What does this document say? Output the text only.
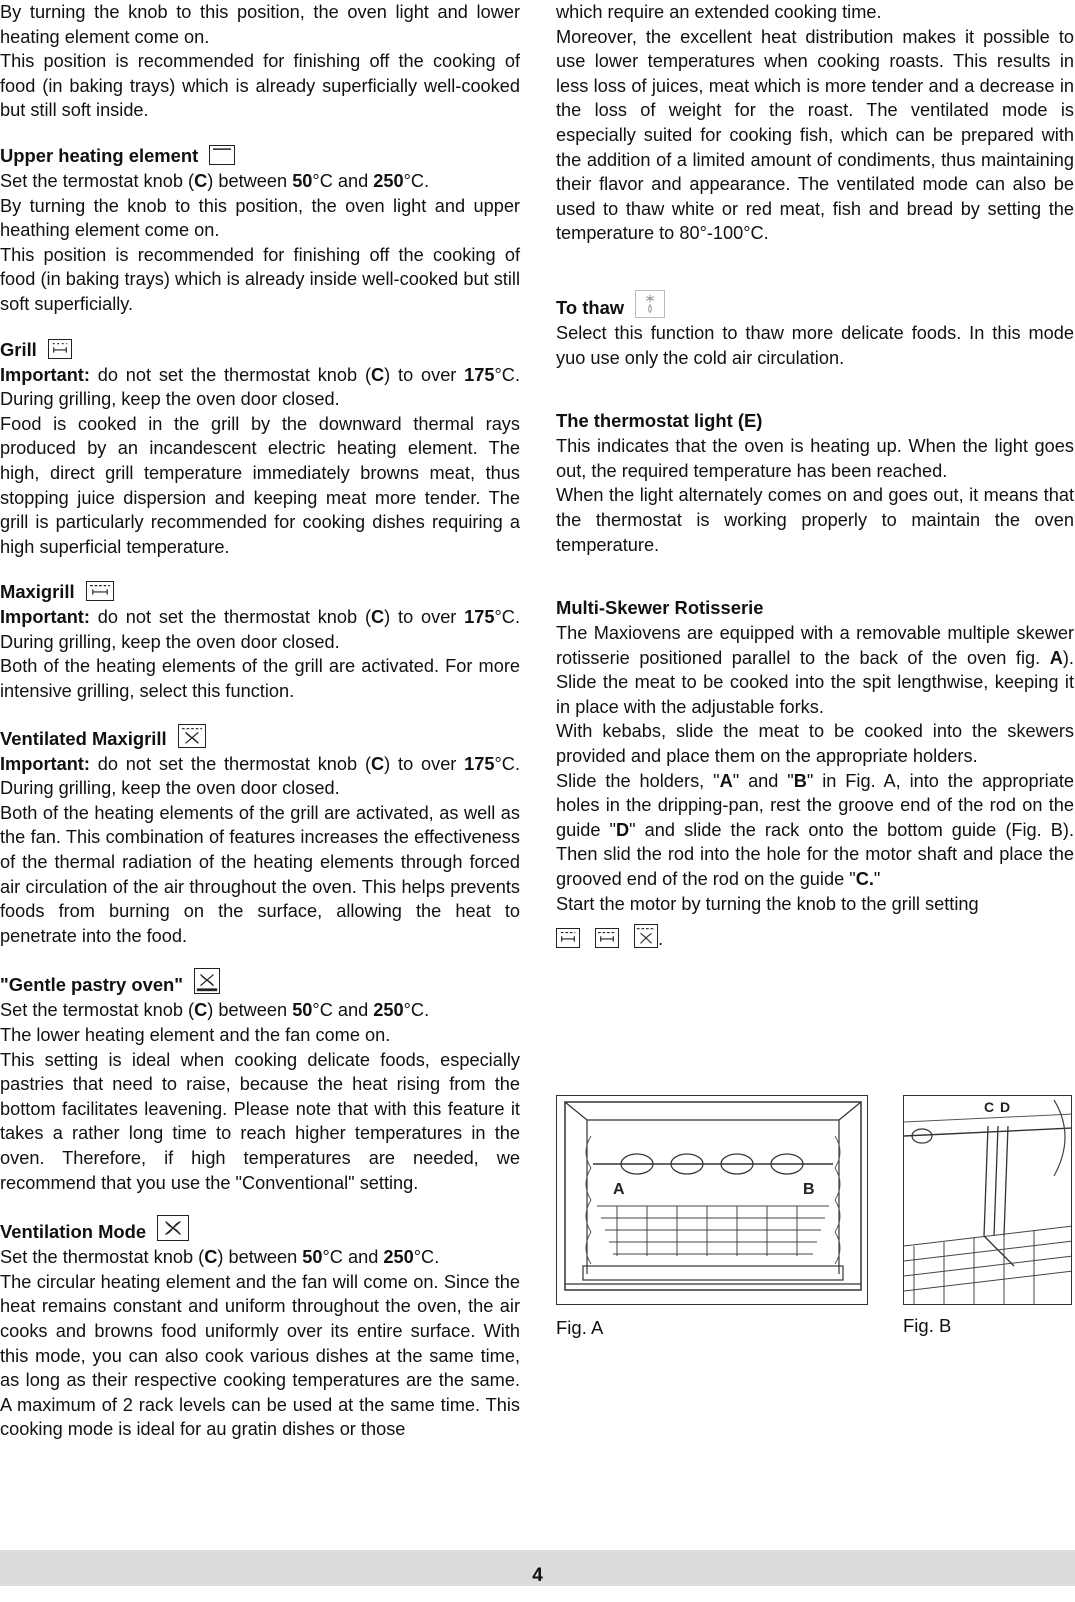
By turning the knob to this position, the oven light and lower heating element come on.

This position is recommended for finishing off the cooking of food (in baking trays) which is already superficially well-cooked but still soft inside.

Upper heating element

Set the termostat knob (C) between 50°C and 250°C.

By turning the knob to this position, the oven light and upper heathing element come on.

This position is recommended for finishing off the cooking of food (in baking trays) which is already inside well-cooked but still soft superficially.

Grill

Important: do not set the thermostat knob (C) to over 175°C. During grilling, keep the oven door closed.

Food is cooked in the grill by the downward thermal rays produced by an incandescent electric heating element. The high, direct grill temperature immediately browns meat, thus stopping juice dispersion and keeping meat more tender. The grill is particularly recommended for cooking dishes requiring a high superficial temperature.

Maxigrill

Important: do not set the thermostat knob (C) to over 175°C. During grilling, keep the oven door closed.

Both of the heating elements of the grill are activated. For more intensive grilling, select this function.

Ventilated Maxigrill

Important: do not set the thermostat knob (C) to over 175°C. During grilling, keep the oven door closed.

Both of the heating elements of the grill are activated, as well as the fan. This combination of features increases the effectiveness of the thermal radiation of the heating elements through forced air circulation of the air throughout the oven. This helps prevents foods from burning on the surface, allowing the heat to penetrate into the food.

"Gentle pastry oven"

Set the termostat knob (C) between 50°C and 250°C.

The lower heating element and the fan come on.

This setting is ideal when cooking delicate foods, especially pastries that need to raise, because the heat rising from the bottom facilitates leavening. Please note that with this feature it takes a rather long time to reach higher temperatures in the oven. Therefore, if high temperatures are needed, we recommend that you use the "Conventional" setting.

Ventilation Mode

Set the thermostat knob (C) between 50°C and 250°C.

The circular heating element and the fan will come on. Since the heat remains constant and uniform throughout the oven, the air cooks and browns food uniformly over its entire surface. With this mode, you can also cook various dishes at the same time, as long as their respective cooking temperatures are the same. A maximum of 2 rack levels can be used at the same time. This cooking mode is ideal for au gratin dishes or those

which require an extended cooking time.

Moreover, the excellent heat distribution makes it possible to use lower temperatures when cooking roasts. This results in less loss of juices, meat which is more tender and a decrease in the loss of weight for the roast. The ventilated mode is especially suited for cooking fish, which can be prepared with the addition of a limited amount of condiments, thus maintaining their flavor and appearance. The ventilated mode can also be used to thaw white or red meat, fish and bread by setting the temperature to 80°-100°C.

To thaw

Select this function to thaw more delicate foods. In this mode yuo use only the cold air circulation.

The thermostat light (E)

This indicates that the oven is heating up. When the light goes out, the required temperature has been reached.

When the light alternately comes on and goes out, it means that the thermostat is working properly to maintain the oven temperature.

Multi-Skewer Rotisserie

The Maxiovens are equipped with a removable multiple skewer rotisserie positioned parallel to the back of the oven fig. A). Slide the meat to be cooked into the spit lengthwise, keeping it in place with the adjustable forks.

With kebabs, slide the meat to be cooked into the skewers provided and place them on the appropriate holders.

Slide the holders, "A" and "B" in Fig. A, into the appropriate holes in the dripping-pan, rest the groove end of the rod on the guide "D" and slide the rack onto the bottom guide (Fig. B). Then slid the rod into the hole for the motor shaft and place the grooved end of the rod on the guide "C."

Start the motor by turning the knob to the grill setting

.

A	B
Fig. A
C D
Fig. B
4
